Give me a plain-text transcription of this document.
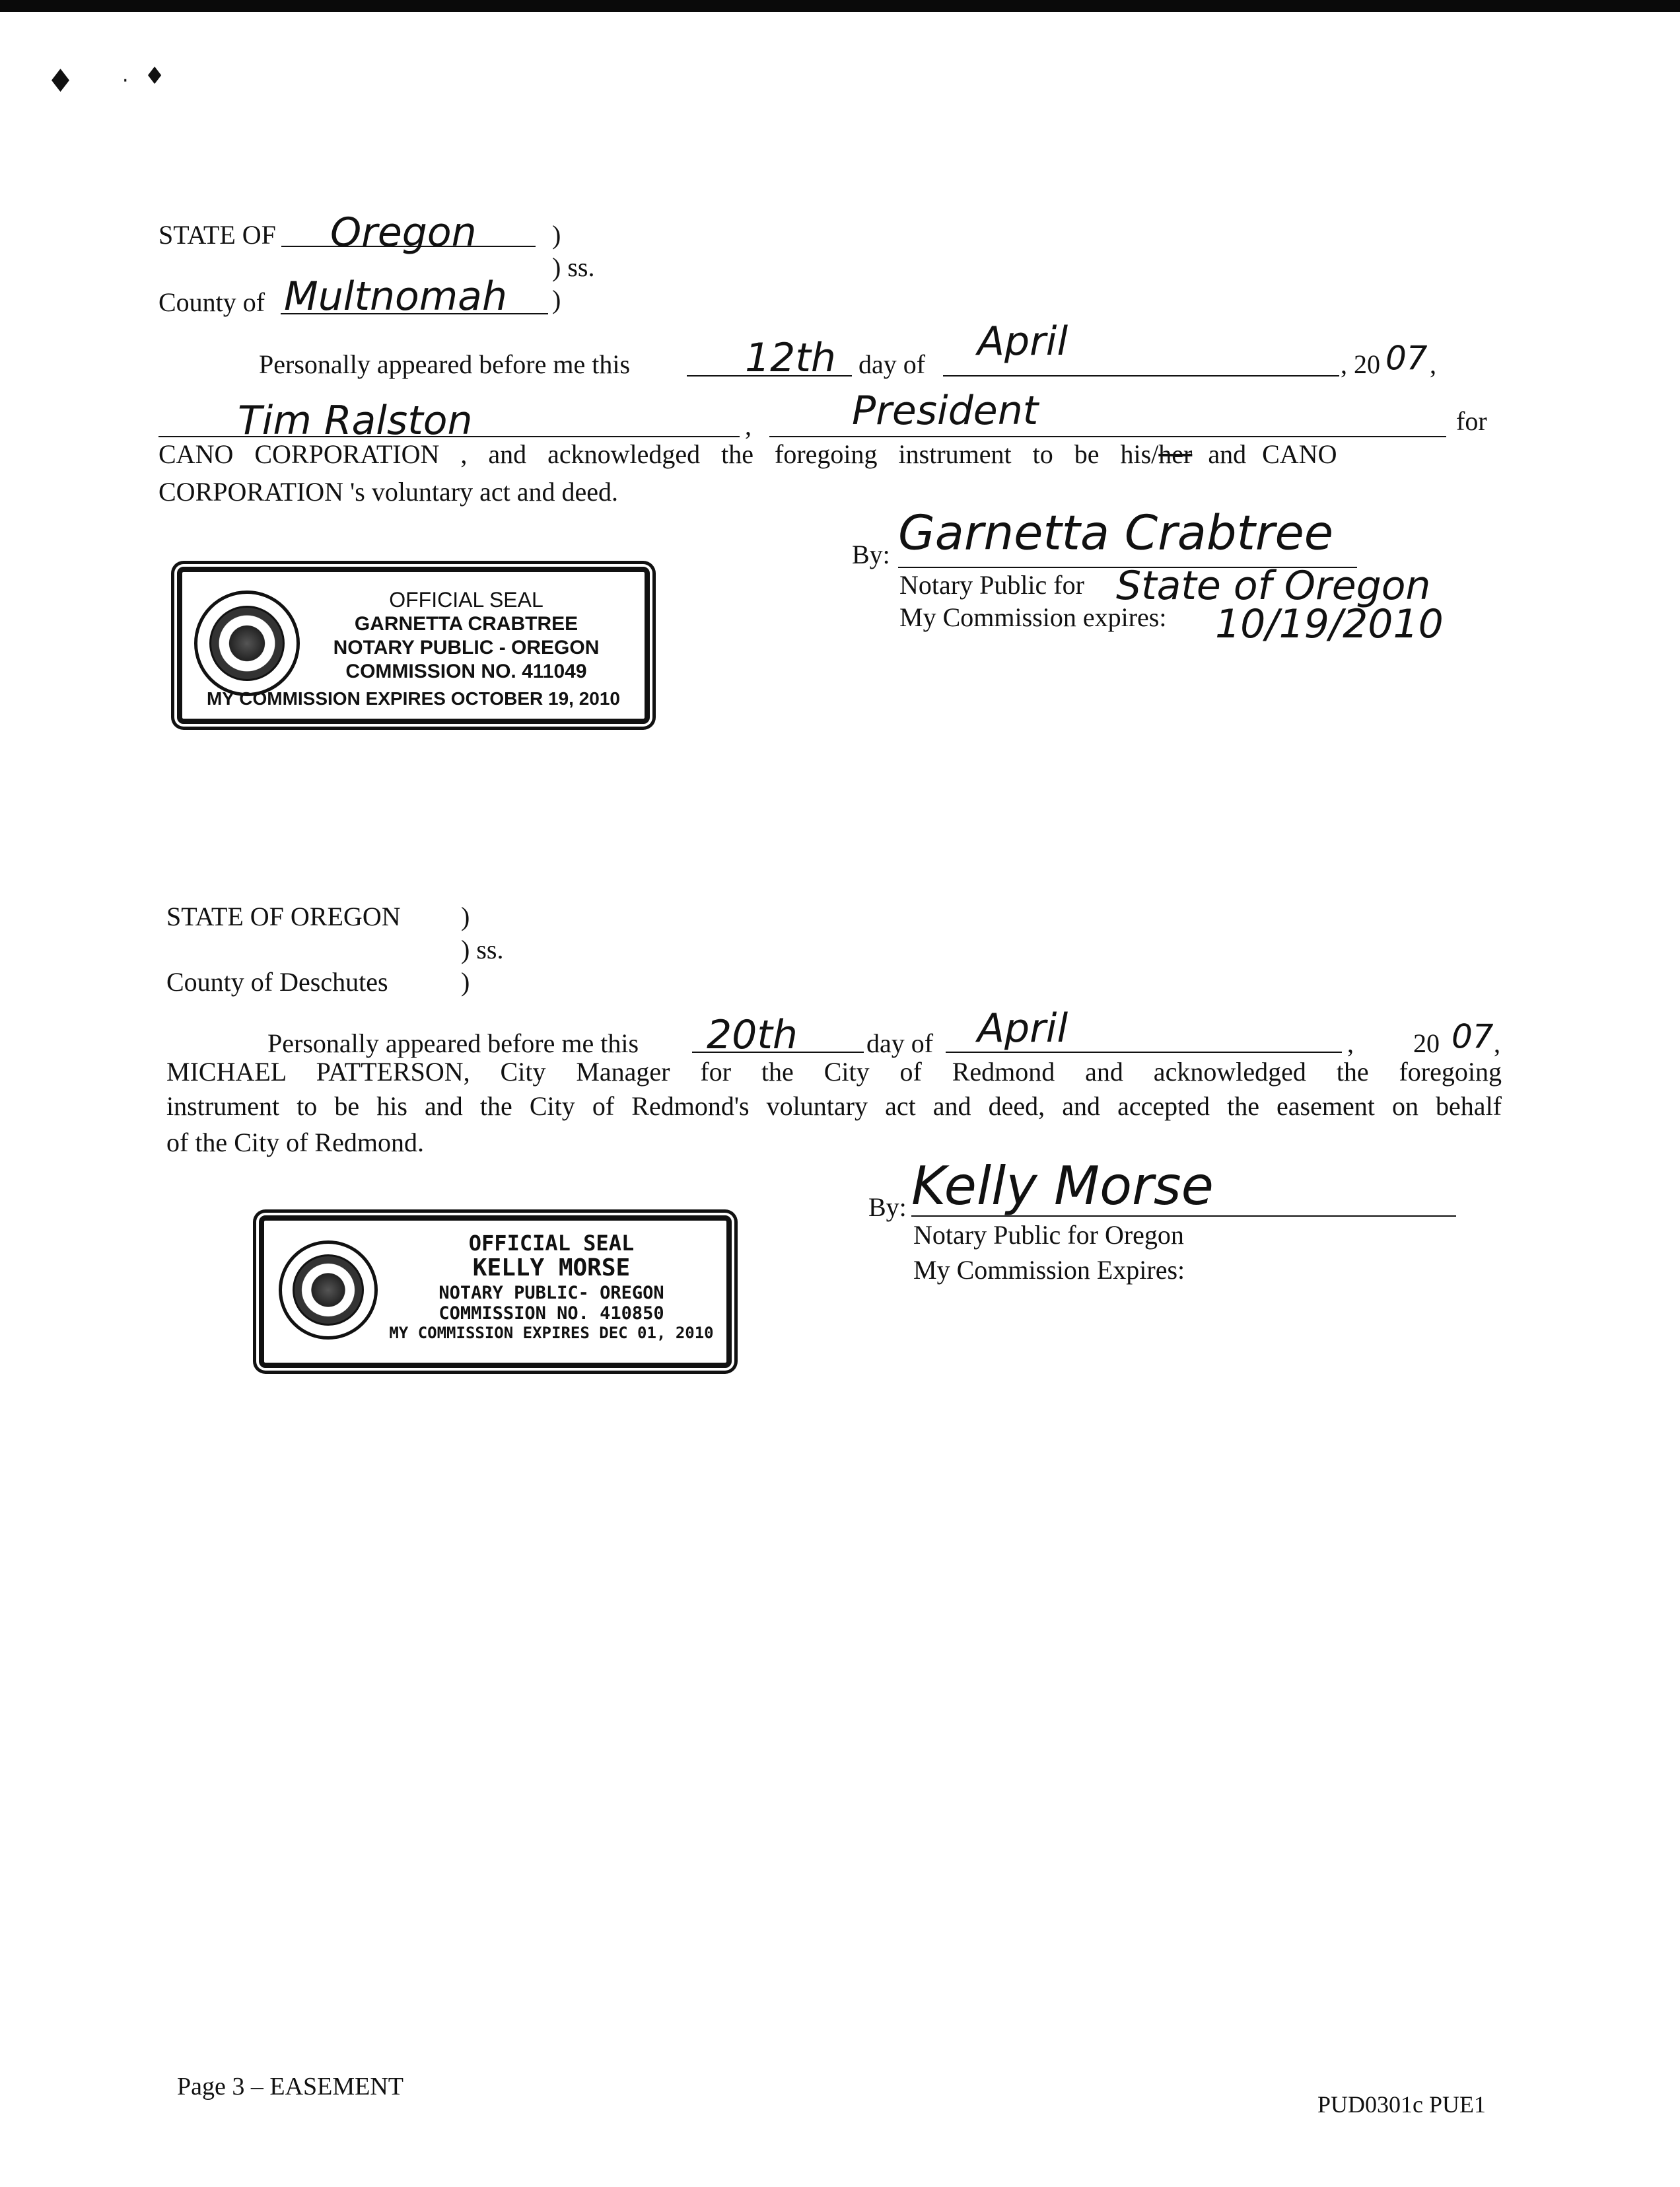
♦ · ♦
STATE OF Oregon	)
) ss.
County of Multnomah )
Personally appeared before me this	12th day of April	, 20 07 ,
Tim Ralston	,	President	for
CANO CORPORATION , and acknowledged the foregoing instrument to be his/her and CANO
CORPORATION 's voluntary act and deed.
By: Garnetta Crabtree
Notary Public for State of Oregon
My Commission expires: 10/19/2010
OFFICIAL SEAL
GARNETTA CRABTREE
NOTARY PUBLIC - OREGON
COMMISSION NO. 411049
MY COMMISSION EXPIRES OCTOBER 19, 2010
STATE OF OREGON )
) ss.
County of Deschutes	)
Personally appeared before me this 20th	day of April	, 20 07 ,
MICHAEL PATTERSON, City Manager for the City of Redmond and acknowledged the foregoing
instrument to be his and the City of Redmond's voluntary act and deed, and accepted the easement on behalf
of the City of Redmond.
By: Kelly Morse
Notary Public for Oregon
My Commission Expires:
OFFICIAL SEAL
KELLY MORSE
NOTARY PUBLIC- OREGON
COMMISSION NO. 410850
MY COMMISSION EXPIRES DEC 01, 2010
Page 3 – EASEMENT
PUD0301c PUE1
